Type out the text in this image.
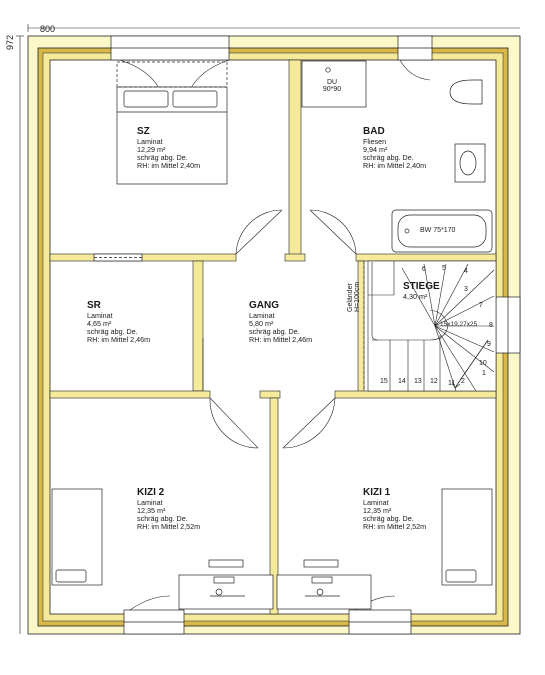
800
972
SZ
Laminat
12,29 m²
schräg abg. De.
RH: im Mittel 2,40m
BAD
Fliesen
9,94 m²
schräg abg. De.
RH: im Mittel 2,40m
SR
Laminat
4,65 m²
schräg abg. De.
RH: im Mittel 2,46m
GANG
Laminat
5,80 m²
schräg abg. De.
RH: im Mittel 2,46m
STIEGE
4,30 m²
KIZI 2
Laminat
12,35 m²
schräg abg. De.
RH: im Mittel 2,52m
KIZI 1
Laminat
12,35 m²
schräg abg. De.
RH: im Mittel 2,52m
DU
90*90
BW 75*170
Geländer H=100cm
15x19,27x25
1
2
3
4
5
6
7
8
9
10
11
12
13
14
15
